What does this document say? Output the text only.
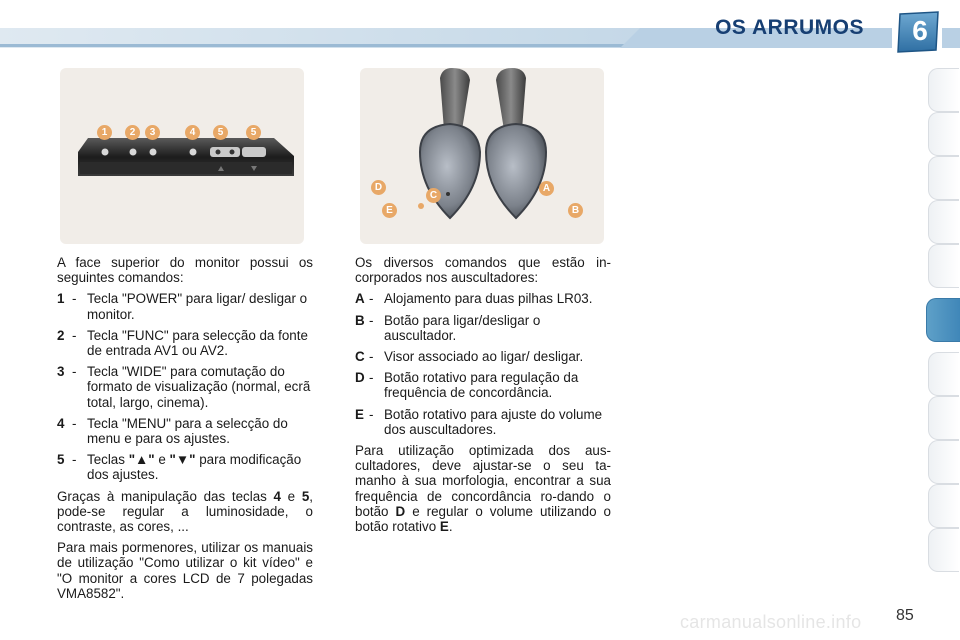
OS ARRUMOS	6
1	2	3	4	5	5
D
C
E
A
B

A face superior do monitor possui os seguintes comandos:

1 - Tecla "POWER" para ligar/ desligar o monitor.
2 - Tecla "FUNC" para selecção da fonte de entrada AV1 ou AV2.
3 - Tecla "WIDE" para comutação do formato de visualização (normal, ecrã total, largo, cinema).
4 - Tecla "MENU" para a selecção do menu e para os ajustes.
5 - Teclas "▲" e "▼" para modificação dos ajustes.

Graças à manipulação das teclas 4 e 5, pode-se regular a luminosidade, o contraste, as cores, ...

Para mais pormenores, utilizar os manuais de utilização "Como utilizar o kit vídeo" e "O monitor a cores LCD de 7 polegadas VMA8582".

Os diversos comandos que estão in-corporados nos auscultadores:

A - Alojamento para duas pilhas LR03.
B - Botão para ligar/desligar o auscultador.
C - Visor associado ao ligar/ desligar.
D - Botão rotativo para regulação da frequência de concordância.
E - Botão rotativo para ajuste do volume dos auscultadores.

Para utilização optimizada dos aus-cultadores, deve ajustar-se o seu ta-manho à sua morfologia, encontrar a sua frequência de concordância ro-dando o botão D e regular o volume utilizando o botão rotativo E.

carmanualsonline.info 85
